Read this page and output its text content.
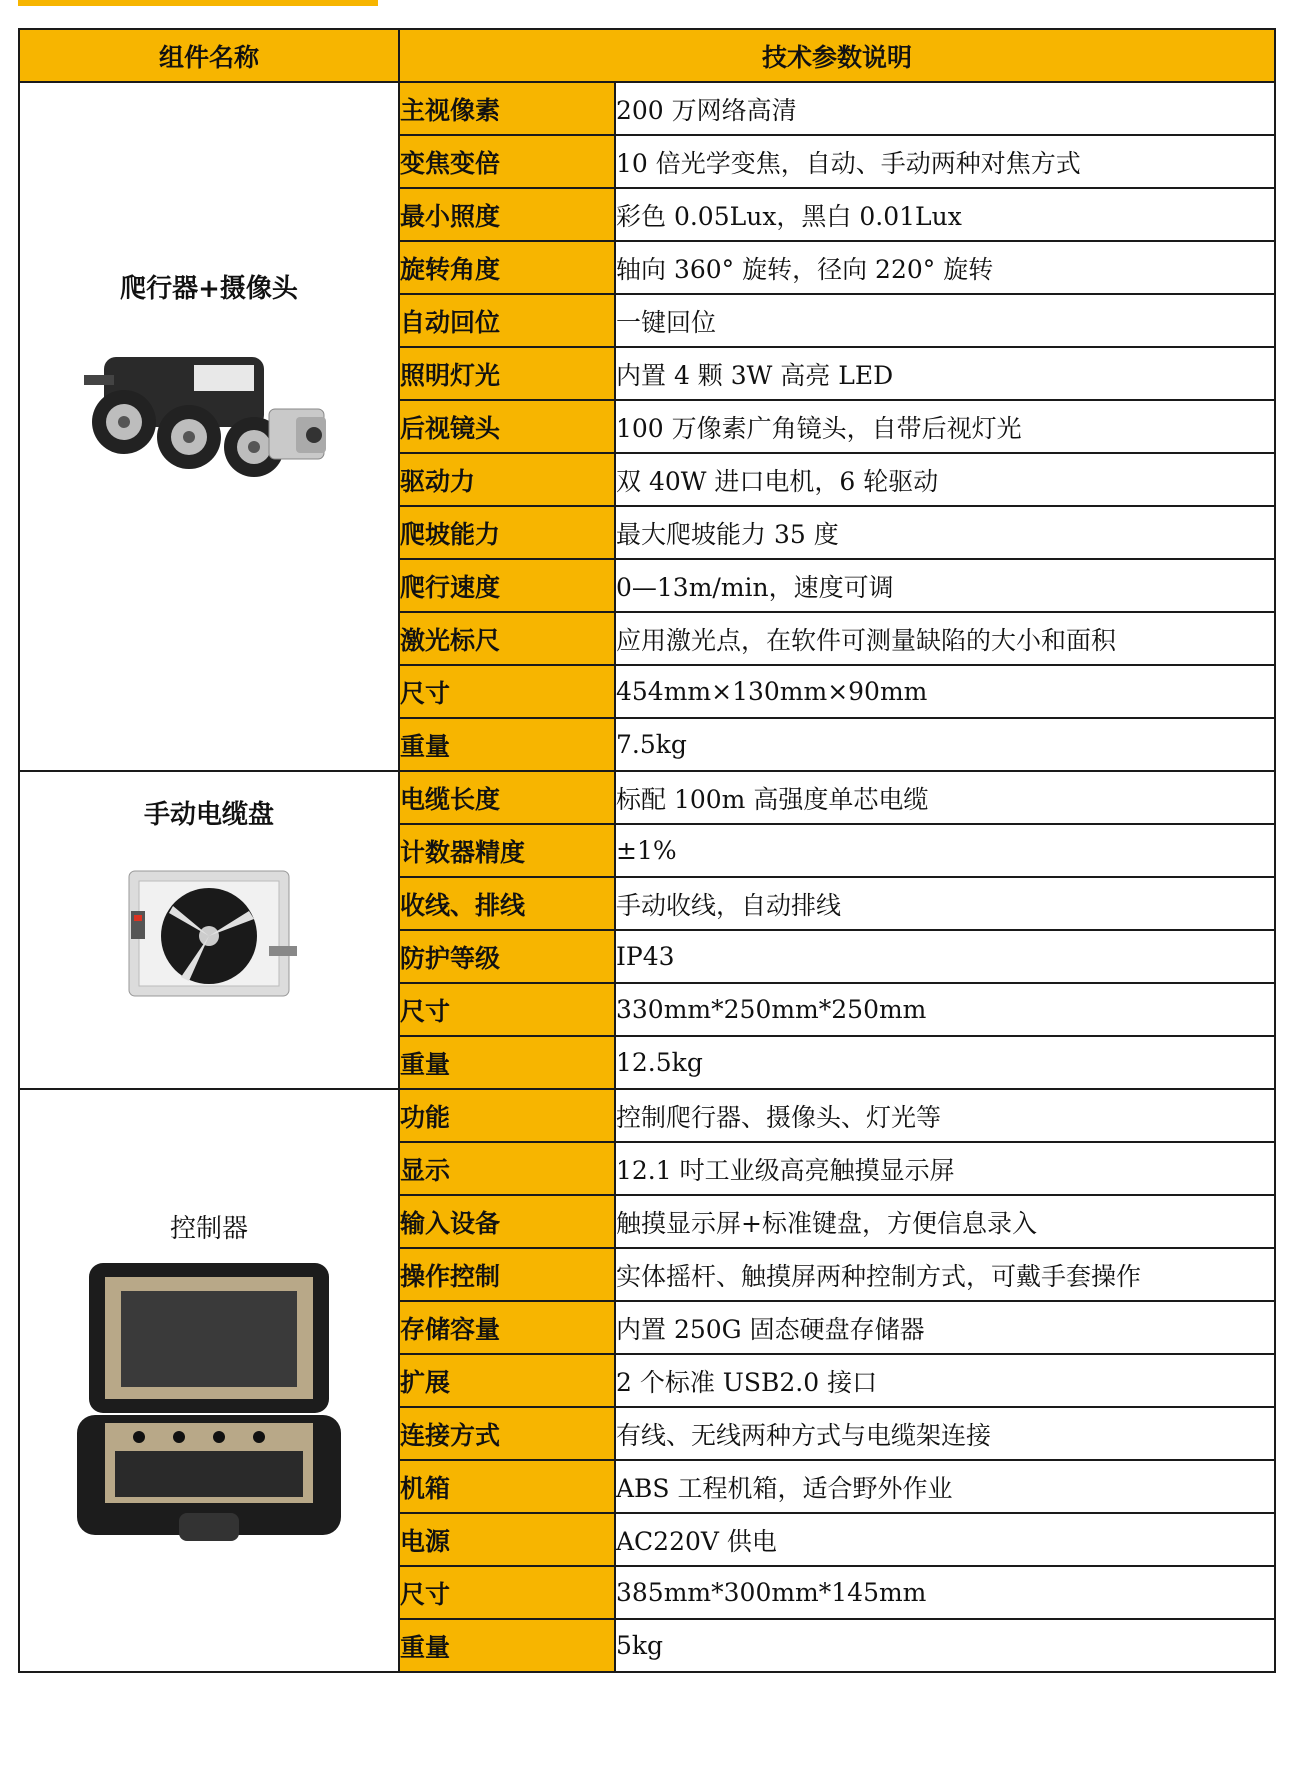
组件名称	技术参数说明	

爬行器+摄像头	主视像素	200 万网络高清
	变焦变倍	10 倍光学变焦，自动、手动两种对焦方式
	最小照度	彩色 0.05Lux，黑白 0.01Lux
	旋转角度	轴向 360° 旋转，径向 220° 旋转
	自动回位	一键回位
	照明灯光	内置 4 颗 3W 高亮 LED
	后视镜头	100 万像素广角镜头，自带后视灯光
	驱动力	双 40W 进口电机，6 轮驱动
	爬坡能力	最大爬坡能力 35 度
	爬行速度	0—13m/min，速度可调
	激光标尺	应用激光点，在软件可测量缺陷的大小和面积
	尺寸	454mm×130mm×90mm
	重量	7.5kg

手动电缆盘	电缆长度	标配 100m 高强度单芯电缆
	计数器精度	±1%
	收线、排线	手动收线，自动排线
	防护等级	IP43
	尺寸	330mm*250mm*250mm
	重量	12.5kg

控制器	功能	控制爬行器、摄像头、灯光等
	显示	12.1 吋工业级高亮触摸显示屏
	输入设备	触摸显示屏+标准键盘，方便信息录入
	操作控制	实体摇杆、触摸屏两种控制方式，可戴手套操作
	存储容量	内置 250G 固态硬盘存储器
	扩展	2 个标准 USB2.0 接口
	连接方式	有线、无线两种方式与电缆架连接
	机箱	ABS 工程机箱，适合野外作业
	电源	AC220V 供电
	尺寸	385mm*300mm*145mm
	重量	5kg
